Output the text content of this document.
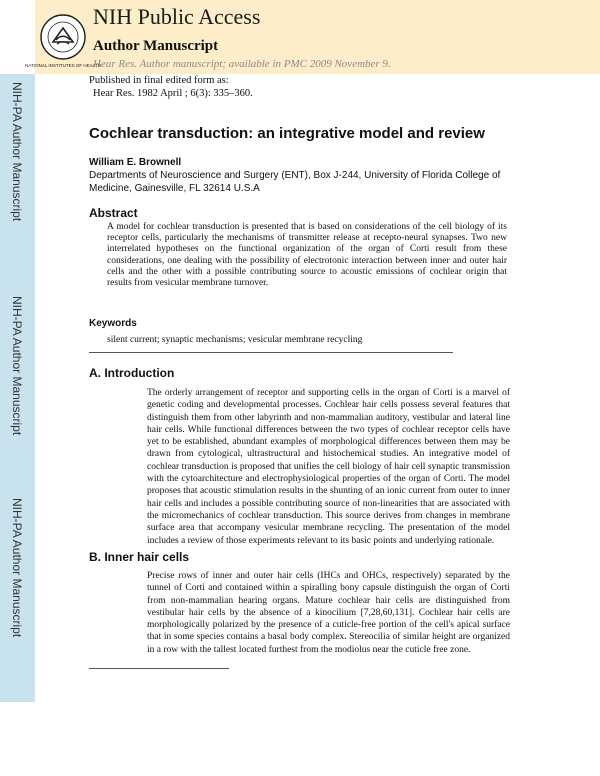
NATIONAL INSTITUTES OF HEALTH
NIH Public Access
Author Manuscript
Hear Res. Author manuscript; available in PMC 2009 November 9.
NIH-PA Author Manuscript
NIH-PA Author Manuscript
NIH-PA Author Manuscript
Published in final edited form as:
Hear Res. 1982 April ; 6(3): 335–360.
Cochlear transduction: an integrative model and review
William E. Brownell
Departments of Neuroscience and Surgery (ENT), Box J-244, University of Florida College of Medicine, Gainesville, FL 32614 U.S.A
Abstract
A model for cochlear transduction is presented that is based on considerations of the cell biology of its receptor cells, particularly the mechanisms of transmitter release at recepto-neural synapses. Two new interrelated hypotheses on the functional organization of the organ of Corti result from these considerations, one dealing with the possibility of electrotonic interaction between inner and outer hair cells and the other with a possible contributing source to acoustic emissions of cochlear origin that results from vesicular membrane turnover.
Keywords
silent current; synaptic mechanisms; vesicular membrane recycling
A. Introduction
The orderly arrangement of receptor and supporting cells in the organ of Corti is a marvel of genetic coding and developmental processes. Cochlear hair cells possess several features that distinguish them from other labyrinth and non-mammalian auditory, vestibular and lateral line hair cells. While functional differences between the two types of cochlear receptor cells have yet to be established, abundant examples of morphological differences between them may be drawn from cytological, ultrastructural and histochemical studies. An integrative model of cochlear transduction is proposed that unifies the cell biology of hair cell synaptic transmission with the cytoarchitecture and electrophysiological properties of the organ of Corti. The model proposes that acoustic stimulation results in the shunting of an ionic current from outer to inner hair cells and includes a possible contributing source of non-linearities that are associated with the micromechanics of cochlear transduction. This source derives from changes in membrane surface area that accompany vesicular membrane recycling. The presentation of the model includes a review of those experiments relevant to its basic points and underlying rationale.
B. Inner hair cells
Precise rows of inner and outer hair cells (IHCs and OHCs, respectively) separated by the tunnel of Corti and contained within a spiralling bony capsule distinguish the organ of Corti from non-mammalian hearing organs. Mature cochlear hair cells are distinguished from vestibular hair cells by the absence of a kinocilium [7,28,60,131]. Cochlear hair cells are morphologically polarized by the presence of a cuticle-free portion of the cell's apical surface that in some species contains a basal body complex. Stereocilia of similar height are organized in a row with the tallest located furthest from the modiolus near the cuticle free zone.
